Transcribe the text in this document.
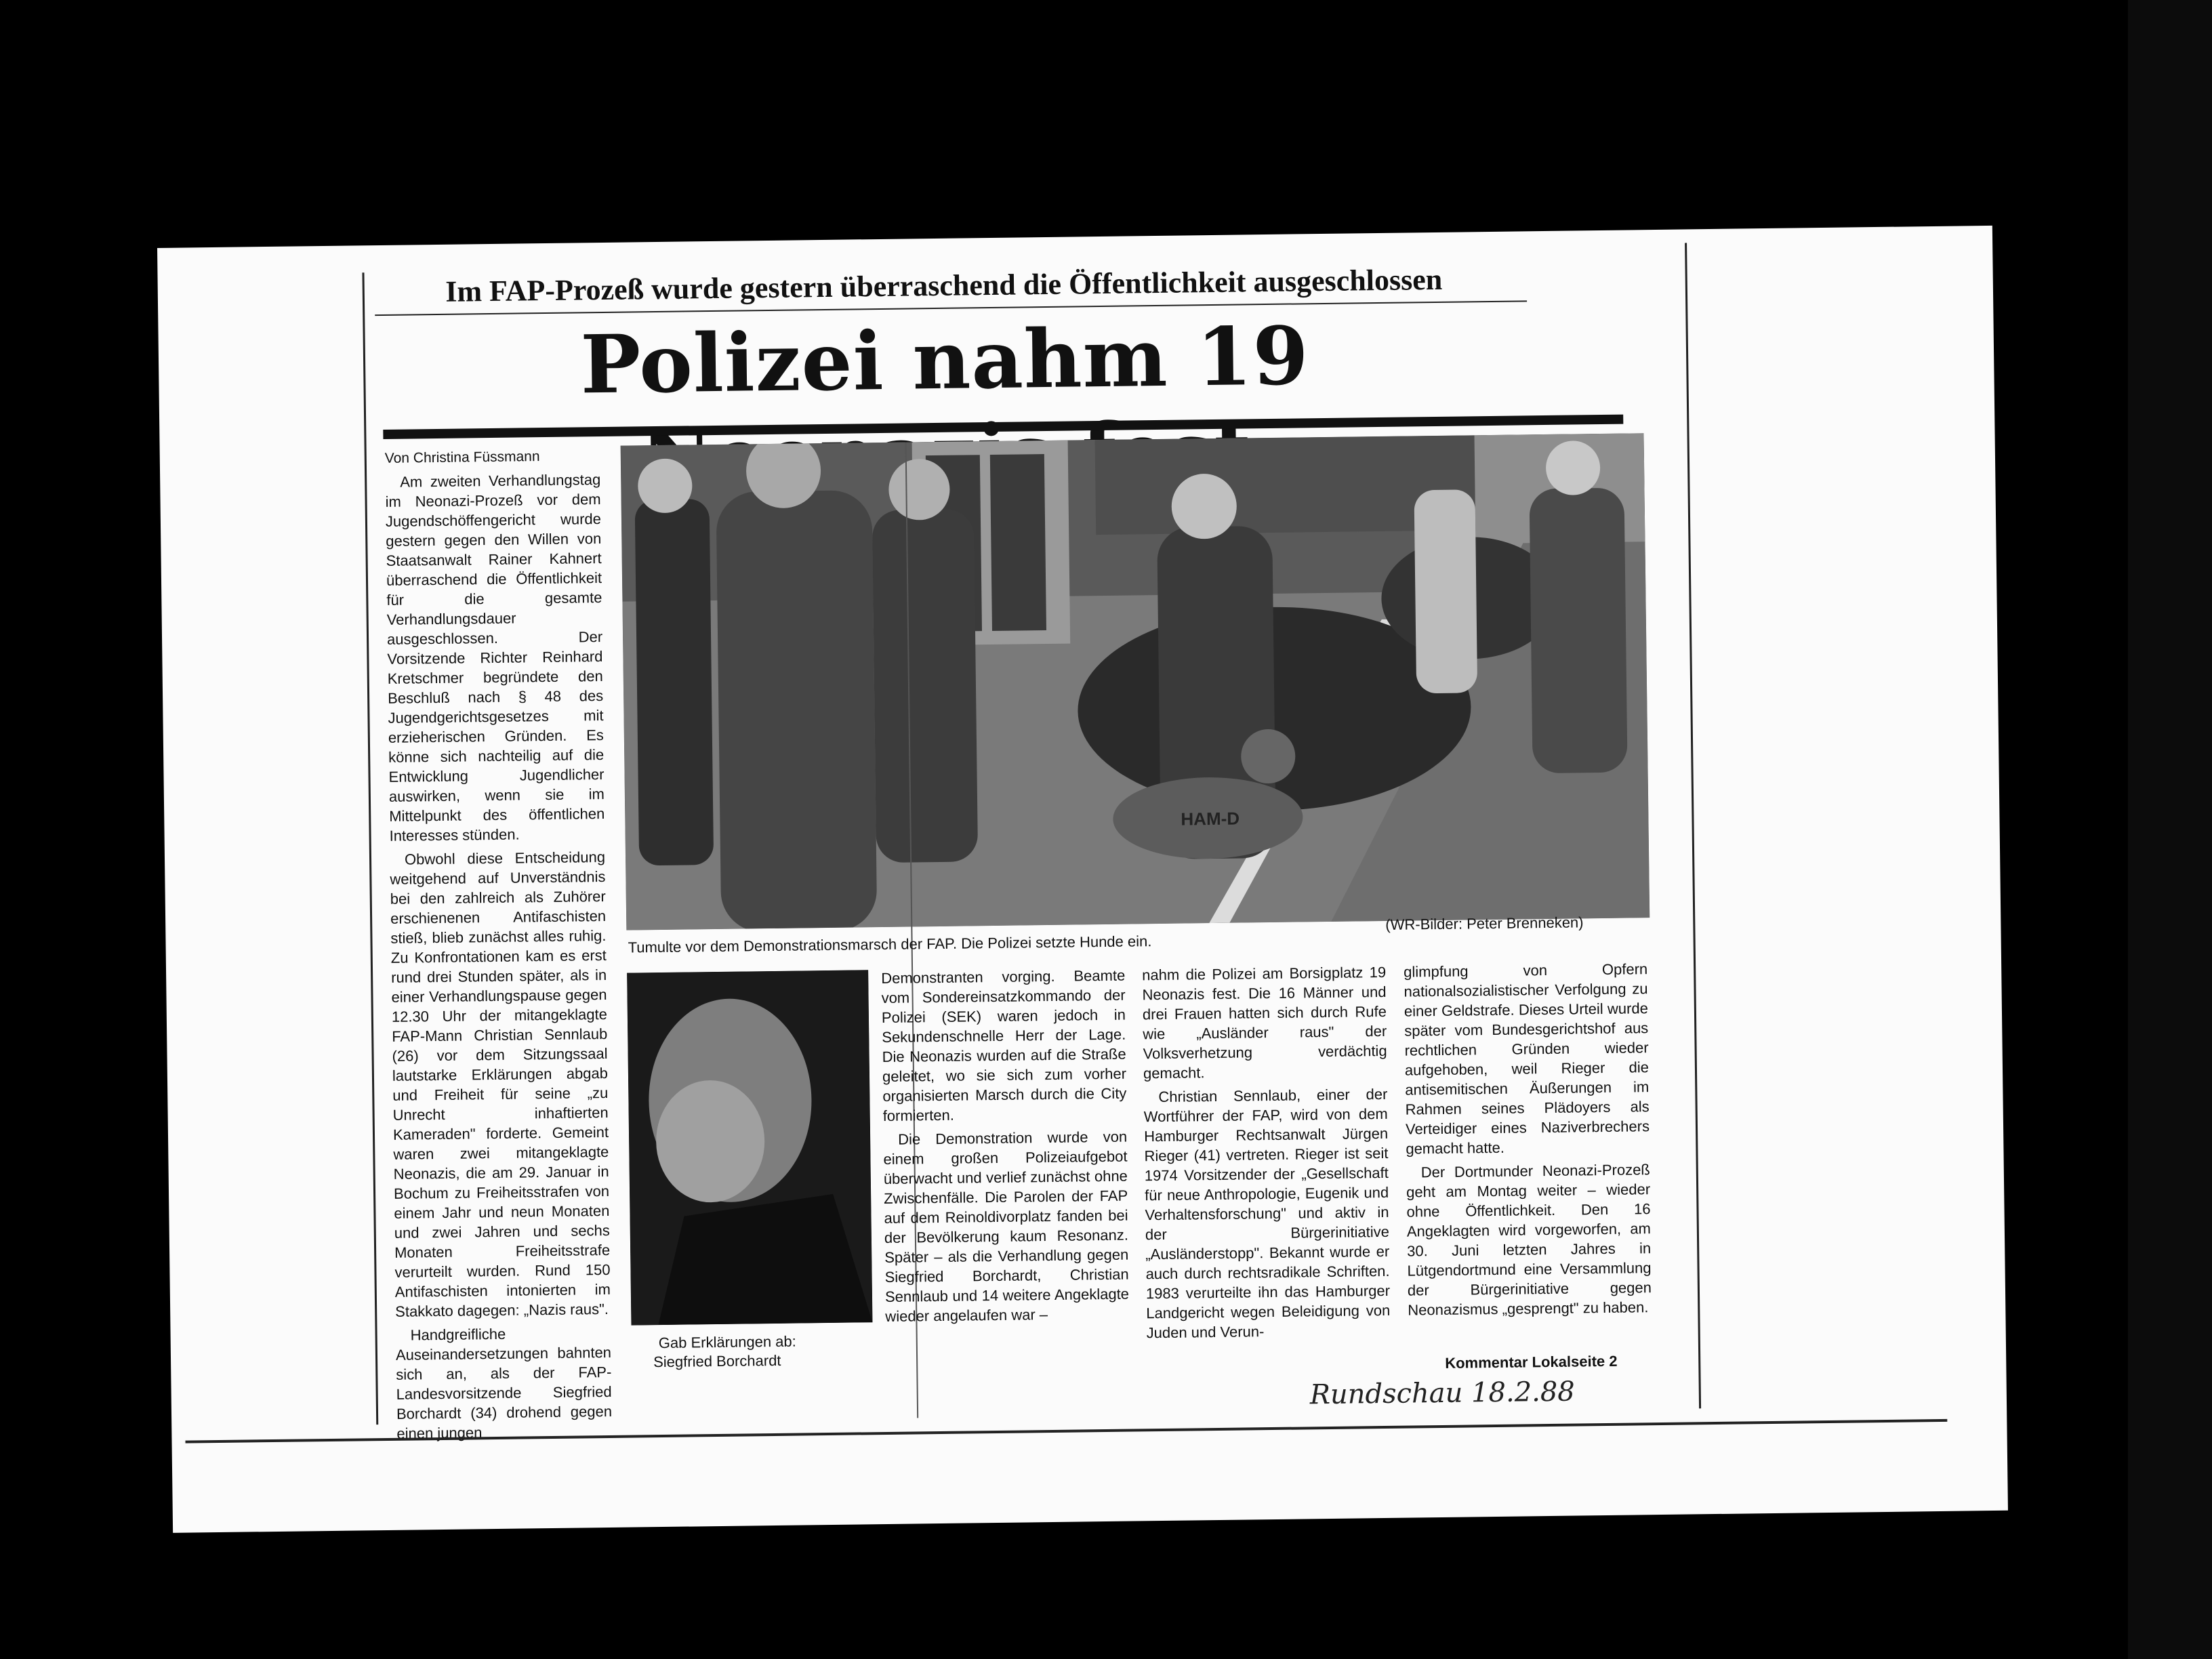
Im FAP-Prozeß wurde gestern überraschend die Öffentlichkeit ausgeschlossen
Polizei nahm 19
Von Christina Füssmann

Am zweiten Verhandlungstag im Neonazi-Prozeß vor dem Jugendschöffengericht wurde gestern gegen den Willen von Staatsanwalt Rainer Kahnert überraschend die Öffentlichkeit für die gesamte Verhandlungsdauer ausgeschlossen. Der Vorsitzende Richter Reinhard Kretschmer begründete den Beschluß nach § 48 des Jugendgerichtsgesetzes mit erzieherischen Gründen. Es könne sich nachteilig auf die Entwicklung Jugendlicher auswirken, wenn sie im Mittelpunkt des öffentlichen Interesses stünden.

Obwohl diese Entscheidung weitgehend auf Unverständnis bei den zahlreich als Zuhörer erschienenen Antifaschisten stieß, blieb zunächst alles ruhig. Zu Konfrontationen kam es erst rund drei Stunden später, als in einer Verhandlungspause gegen 12.30 Uhr der mitangeklagte FAP-Mann Christian Sennlaub (26) vor dem Sitzungssaal lautstarke Erklärungen abgab und Freiheit für seine „zu Unrecht inhaftierten Kameraden" forderte. Gemeint waren zwei mitangeklagte Neonazis, die am 29. Januar in Bochum zu Freiheitsstrafen von einem Jahr und neun Monaten und zwei Jahren und sechs Monaten Freiheitsstrafe verurteilt wurden. Rund 150 Antifaschisten intonierten im Stakkato dagegen: „Nazis raus".

Handgreifliche Auseinandersetzungen bahnten sich an, als der FAP-Landesvorsitzende Siegfried Borchardt (34) drohend gegen einen jungen

HAM-D
Tumulte vor dem Demonstrationsmarsch der FAP. Die Polizei setzte Hunde ein.
(WR-Bilder: Peter Brenneken)
Gab Erklärungen ab:
Siegfried Borchardt

Demonstranten vorging. Beamte vom Sondereinsatzkommando der Polizei (SEK) waren jedoch in Sekundenschnelle Herr der Lage. Die Neonazis wurden auf die Straße geleitet, wo sie sich zum vorher organisierten Marsch durch die City formierten.

Die Demonstration wurde von einem großen Polizeiaufgebot überwacht und verlief zunächst ohne Zwischenfälle. Die Parolen der FAP auf dem Reinoldivorplatz fanden bei der Bevölkerung kaum Resonanz. Später – als die Verhandlung gegen Siegfried Borchardt, Christian Sennlaub und 14 weitere Angeklagte wieder angelaufen war –

nahm die Polizei am Borsigplatz 19 Neonazis fest. Die 16 Männer und drei Frauen hatten sich durch Rufe wie „Ausländer raus" der Volksverhetzung verdächtig gemacht.

Christian Sennlaub, einer der Wortführer der FAP, wird von dem Hamburger Rechtsanwalt Jürgen Rieger (41) vertreten. Rieger ist seit 1974 Vorsitzender der „Gesellschaft für neue Anthropologie, Eugenik und Verhaltensforschung" und aktiv in der Bürgerinitiative „Ausländerstopp". Bekannt wurde er auch durch rechtsradikale Schriften. 1983 verurteilte ihn das Hamburger Landgericht wegen Beleidigung von Juden und Verun-

glimpfung von Opfern nationalsozialistischer Verfolgung zu einer Geldstrafe. Dieses Urteil wurde später vom Bundesgerichtshof aus rechtlichen Gründen wieder aufgehoben, weil Rieger die antisemitischen Äußerungen im Rahmen seines Plädoyers als Verteidiger eines Naziverbrechers gemacht hatte.

Der Dortmunder Neonazi-Prozeß geht am Montag weiter – wieder ohne Öffentlichkeit. Den 16 Angeklagten wird vorgeworfen, am 30. Juni letzten Jahres in Lütgendortmund eine Versammlung der Bürgerinitiative gegen Neonazismus „gesprengt" zu haben.

Kommentar Lokalseite 2
Rundschau 18.2.88
